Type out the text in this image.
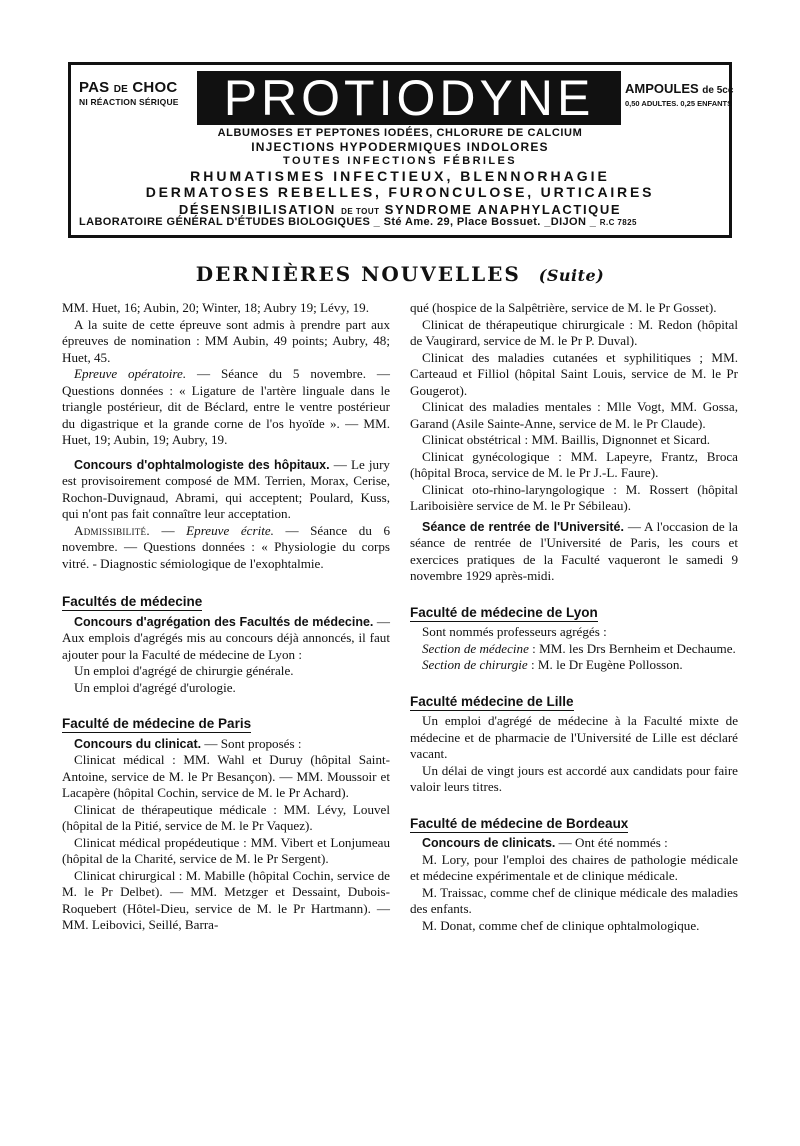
PAS DE CHOC
NI RÉACTION SÉRIQUE PROTIODYNE	AMPOULES de 5cc
0,50 ADULTES. 0,25 ENFANTS
ALBUMOSES ET PEPTONES IODÉES, CHLORURE DE CALCIUM
INJECTIONS HYPODERMIQUES INDOLORES
TOUTES INFECTIONS FÉBRILES
RHUMATISMES INFECTIEUX, BLENNORHAGIE
DERMATOSES REBELLES, FURONCULOSE, URTICAIRES
DÉSENSIBILISATION DE TOUT SYNDROME ANAPHYLACTIQUE
LABORATOIRE GÉNÉRAL D'ÉTUDES BIOLOGIQUES _ Sté Ame. 29, Place Bossuet. _DIJON _ R.C 7825
DERNIÈRES NOUVELLES (Suite)

MM. Huet, 16; Aubin, 20; Winter, 18; Aubry 19; Lévy, 19.

A la suite de cette épreuve sont admis à prendre part aux épreuves de nomination : MM Aubin, 49 points; Aubry, 48; Huet, 45.

Epreuve opératoire. — Séance du 5 novembre. — Questions données : « Ligature de l'artère linguale dans le triangle postérieur, dit de Béclard, entre le ventre postérieur du digastrique et la grande corne de l'os hyoïde ». — MM. Huet, 19; Aubin, 19; Aubry, 19.

Concours d'ophtalmologiste des hôpitaux. — Le jury est provisoirement composé de MM. Terrien, Morax, Cerise, Rochon-Duvignaud, Abrami, qui acceptent; Poulard, Kuss, qui n'ont pas fait connaître leur acceptation.

Admissibilité. — Epreuve écrite. — Séance du 6 novembre. — Questions données : « Physiologie du corps vitré. - Diagnostic sémiologique de l'exophtalmie.

Facultés de médecine

Concours d'agrégation des Facultés de médecine. — Aux emplois d'agrégés mis au concours déjà annoncés, il faut ajouter pour la Faculté de médecine de Lyon :

Un emploi d'agrégé de chirurgie générale.

Un emploi d'agrégé d'urologie.

Faculté de médecine de Paris

Concours du clinicat. — Sont proposés :

Clinicat médical : MM. Wahl et Duruy (hôpital Saint-Antoine, service de M. le Pr Besançon). — MM. Moussoir et Lacapère (hôpital Cochin, service de M. le Pr Achard).

Clinicat de thérapeutique médicale : MM. Lévy, Louvel (hôpital de la Pitié, service de M. le Pr Vaquez).

Clinicat médical propédeutique : MM. Vibert et Lonjumeau (hôpital de la Charité, service de M. le Pr Sergent).

Clinicat chirurgical : M. Mabille (hôpital Cochin, service de M. le Pr Delbet). — MM. Metzger et Dessaint, Dubois-Roquebert (Hôtel-Dieu, service de M. le Pr Hartmann). — MM. Leibovici, Seillé, Barra-

qué (hospice de la Salpêtrière, service de M. le Pr Gosset).

Clinicat de thérapeutique chirurgicale : M. Redon (hôpital de Vaugirard, service de M. le Pr P. Duval).

Clinicat des maladies cutanées et syphilitiques ; MM. Carteaud et Filliol (hôpital Saint Louis, service de M. le Pr Gougerot).

Clinicat des maladies mentales : Mlle Vogt, MM. Gossa, Garand (Asile Sainte-Anne, service de M. le Pr Claude).

Clinicat obstétrical : MM. Baillis, Dignonnet et Sicard.

Clinicat gynécologique : MM. Lapeyre, Frantz, Broca (hôpital Broca, service de M. le Pr J.-L. Faure).

Clinicat oto-rhino-laryngologique : M. Rossert (hôpital Lariboisière service de M. le Pr Sébileau).

Séance de rentrée de l'Université. — A l'occasion de la séance de rentrée de l'Université de Paris, les cours et exercices pratiques de la Faculté vaqueront le samedi 9 novembre 1929 après-midi.

Faculté de médecine de Lyon

Sont nommés professeurs agrégés :

Section de médecine : MM. les Drs Bernheim et Dechaume.

Section de chirurgie : M. le Dr Eugène Pollosson.

Faculté médecine de Lille

Un emploi d'agrégé de médecine à la Faculté mixte de médecine et de pharmacie de l'Université de Lille est déclaré vacant.

Un délai de vingt jours est accordé aux candidats pour faire valoir leurs titres.

Faculté de médecine de Bordeaux

Concours de clinicats. — Ont été nommés :

M. Lory, pour l'emploi des chaires de pathologie médicale et médecine expérimentale et de clinique médicale.

M. Traissac, comme chef de clinique médicale des maladies des enfants.

M. Donat, comme chef de clinique ophtalmologique.
